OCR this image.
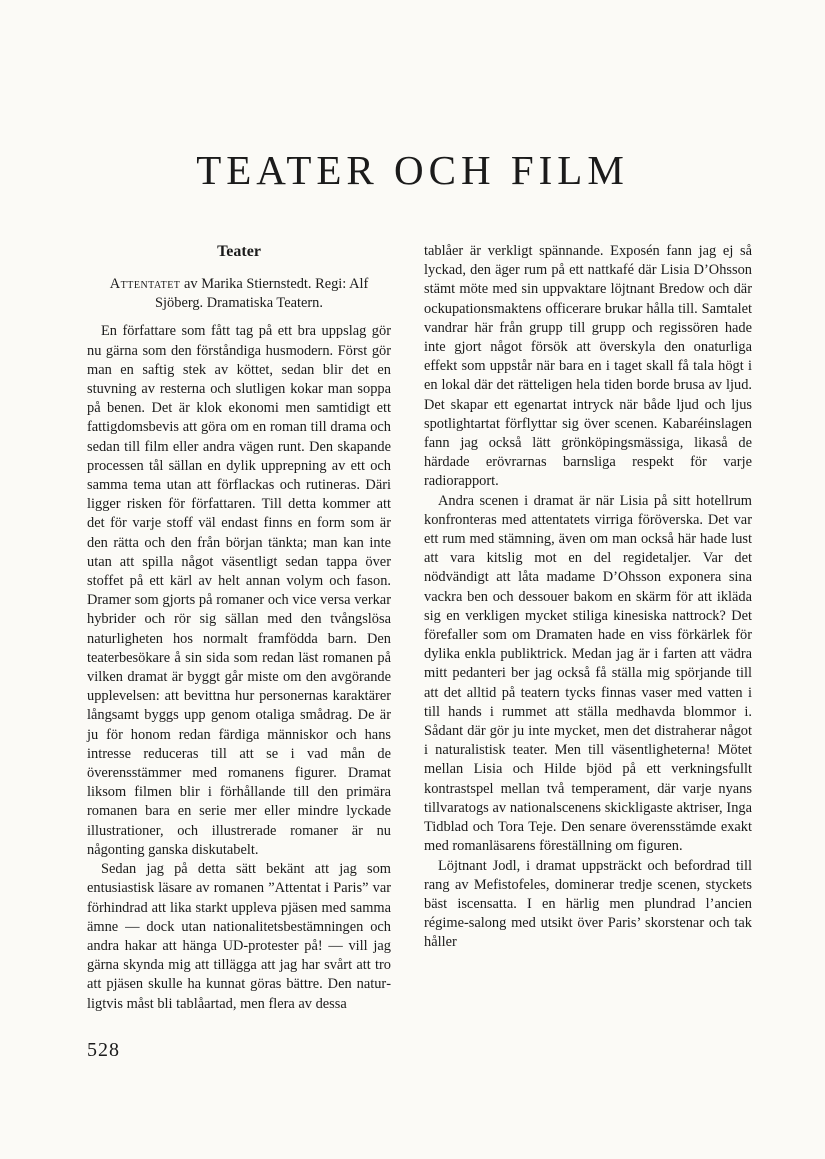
TEATER OCH FILM
Teater

Attentatet av Marika Stiernstedt. Regi: Alf Sjöberg. Dramatiska Teatern.

En författare som fått tag på ett bra uppslag gör nu gärna som den förståndiga husmodern. Först gör man en saftig stek av köttet, sedan blir det en stuvning av resterna och slutligen kokar man soppa på benen. Det är klok ekonomi men samtidigt ett fattigdomsbevis att göra om en roman till drama och sedan till film eller andra vägen runt. Den skapande processen tål sällan en dylik upprepning av ett och samma tema utan att förflackas och rutineras. Däri ligger risken för författaren. Till detta kommer att det för varje stoff väl endast finns en form som är den rätta och den från början tänkta; man kan inte utan att spilla något väsentligt sedan tappa över stoffet på ett kärl av helt annan volym och fason. Dramer som gjorts på romaner och vice versa verkar hybrider och rör sig sällan med den tvångslösa naturligheten hos normalt framfödda barn. Den teaterbesökare å sin sida som redan läst romanen på vilken dramat är byggt går miste om den avgörande upplevelsen: att bevittna hur personernas karaktärer långsamt byggs upp genom otaliga smådrag. De är ju för honom redan färdiga människor och hans intresse reduceras till att se i vad mån de överensstämmer med romanens figurer. Dramat liksom filmen blir i förhållande till den primära romanen bara en serie mer eller mindre lyckade illustrationer, och illustrerade romaner är nu någonting ganska diskutabelt.

Sedan jag på detta sätt bekänt att jag som entusiastisk läsare av romanen ”Attentat i Paris” var förhindrad att lika starkt uppleva pjäsen med samma ämne — dock utan nationalitetsbestämningen och andra hakar att hänga UD-protester på! — vill jag gärna skynda mig att tillägga att jag har svårt att tro att pjäsen skulle ha kunnat göras bättre. Den naturligtvis måst bli tablåartad, men flera av dessa

tablåer är verkligt spännande. Exposén fann jag ej så lyckad, den äger rum på ett nattkafé där Lisia D’Ohsson stämt möte med sin uppvaktare löjtnant Bredow och där ockupationsmaktens officerare brukar hålla till. Samtalet vandrar här från grupp till grupp och regissören hade inte gjort något försök att överskyla den onaturliga effekt som uppstår när bara en i taget skall få tala högt i en lokal där det rätteligen hela tiden borde brusa av ljud. Det skapar ett egenartat intryck när både ljud och ljus spotlightartat förflyttar sig över scenen. Kabaréinslagen fann jag också lätt grönköpingsmässiga, likaså de härdade erövrarnas barnsliga respekt för varje radiorapport.

Andra scenen i dramat är när Lisia på sitt hotellrum konfronteras med attentatets virriga föröverska. Det var ett rum med stämning, även om man också här hade lust att vara kitslig mot en del regidetaljer. Var det nödvändigt att låta madame D’Ohsson exponera sina vackra ben och dessouer bakom en skärm för att ikläda sig en verkligen mycket stiliga kinesiska nattrock? Det förefaller som om Dramaten hade en viss förkärlek för dylika enkla publiktrick. Medan jag är i farten att vädra mitt pedanteri ber jag också få ställa mig spörjande till att det alltid på teatern tycks finnas vaser med vatten i till hands i rummet att ställa medhavda blommor i. Sådant där gör ju inte mycket, men det distraherar något i naturalistisk teater. Men till väsentligheterna! Mötet mellan Lisia och Hilde bjöd på ett verkningsfullt kontrastspel mellan två temperament, där varje nyans tillvaratogs av nationalscenens skickligaste aktriser, Inga Tidblad och Tora Teje. Den senare överensstämde exakt med romanläsarens föreställning om figuren.

Löjtnant Jodl, i dramat uppsträckt och befordrad till rang av Mefistofeles, dominerar tredje scenen, styckets bäst iscensatta. I en härlig men plundrad l’ancien régime-salong med utsikt över Paris’ skorstenar och tak håller

528
